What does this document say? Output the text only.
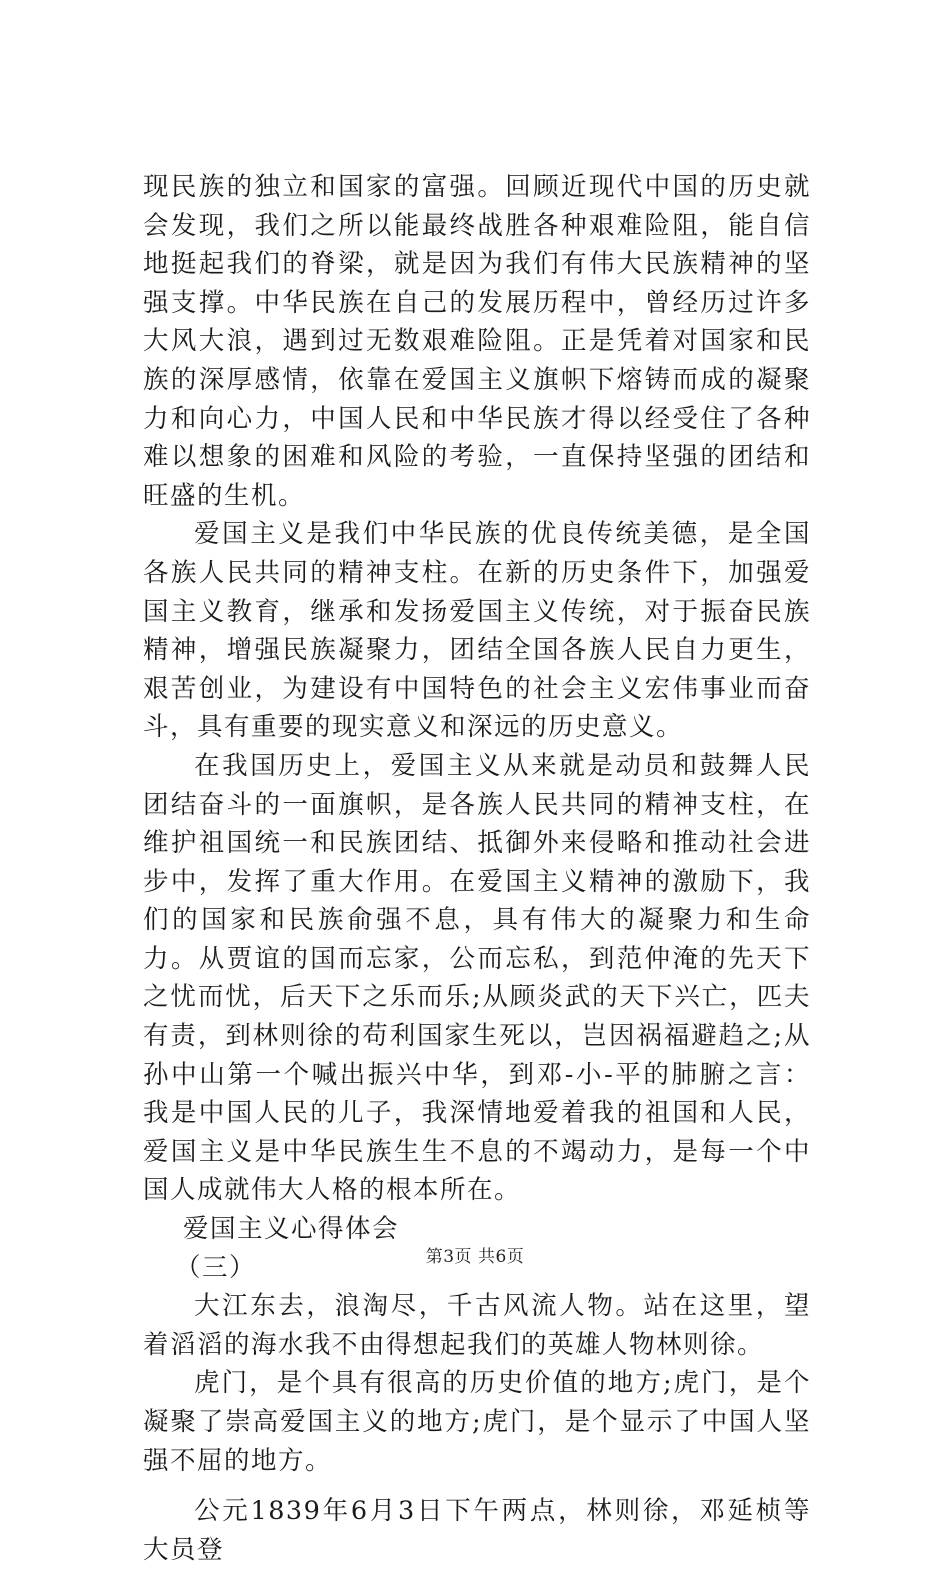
现民族的独立和国家的富强。回顾近现代中国的历史就会发现，我们之所以能最终战胜各种艰难险阻，能自信地挺起我们的脊梁，就是因为我们有伟大民族精神的坚强支撑。中华民族在自己的发展历程中，曾经历过许多大风大浪，遇到过无数艰难险阻。正是凭着对国家和民族的深厚感情，依靠在爱国主义旗帜下熔铸而成的凝聚力和向心力，中国人民和中华民族才得以经受住了各种难以想象的困难和风险的考验，一直保持坚强的团结和旺盛的生机。

爱国主义是我们中华民族的优良传统美德，是全国各族人民共同的精神支柱。在新的历史条件下，加强爱国主义教育，继承和发扬爱国主义传统，对于振奋民族精神，增强民族凝聚力，团结全国各族人民自力更生，艰苦创业，为建设有中国特色的社会主义宏伟事业而奋斗，具有重要的现实意义和深远的历史意义。

在我国历史上，爱国主义从来就是动员和鼓舞人民团结奋斗的一面旗帜，是各族人民共同的精神支柱，在维护祖国统一和民族团结、抵御外来侵略和推动社会进步中，发挥了重大作用。在爱国主义精神的激励下，我们的国家和民族俞强不息，具有伟大的凝聚力和生命力。从贾谊的国而忘家，公而忘私，到范仲淹的先天下之忧而忧，后天下之乐而乐;从顾炎武的天下兴亡，匹夫有责，到林则徐的苟利国家生死以，岂因祸福避趋之;从孙中山第一个喊出振兴中华，到邓-小-平的肺腑之言：我是中国人民的儿子，我深情地爱着我的祖国和人民，爱国主义是中华民族生生不息的不竭动力，是每一个中国人成就伟大人格的根本所在。

爱国主义心得体会

（三）

大江东去，浪淘尽，千古风流人物。站在这里，望着滔滔的海水我不由得想起我们的英雄人物林则徐。

虎门，是个具有很高的历史价值的地方;虎门，是个凝聚了崇高爱国主义的地方;虎门，是个显示了中国人坚强不屈的地方。

公元1839年6月3日下午两点，林则徐，邓延桢等大员登

第3页 共6页
